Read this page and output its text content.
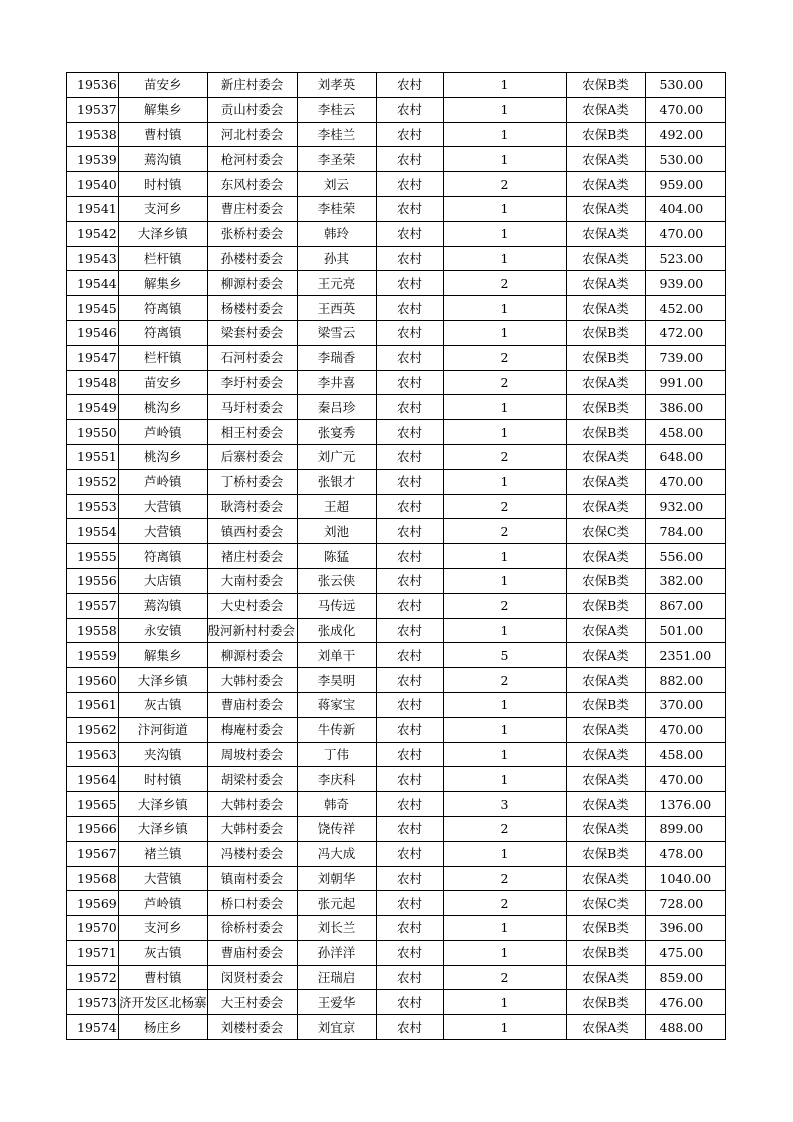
19536	苗安乡	新庄村委会	刘孝英	农村	1	农保B类	530.00
19537	解集乡	贡山村委会	李桂云	农村	1	农保A类	470.00
19538	曹村镇	河北村委会	李桂兰	农村	1	农保B类	492.00
19539	蔫沟镇	枪河村委会	李圣荣	农村	1	农保A类	530.00
19540	时村镇	东风村委会	刘云	农村	2	农保A类	959.00
19541	支河乡	曹庄村委会	李桂荣	农村	1	农保A类	404.00
19542	大泽乡镇	张桥村委会	韩玲	农村	1	农保A类	470.00
19543	栏杆镇	孙楼村委会	孙其	农村	1	农保A类	523.00
19544	解集乡	柳源村委会	王元亮	农村	2	农保A类	939.00
19545	符离镇	杨楼村委会	王西英	农村	1	农保A类	452.00
19546	符离镇	梁套村委会	梁雪云	农村	1	农保B类	472.00
19547	栏杆镇	石河村委会	李瑞香	农村	2	农保B类	739.00
19548	苗安乡	李圩村委会	李井喜	农村	2	农保A类	991.00
19549	桃沟乡	马圩村委会	秦吕珍	农村	1	农保B类	386.00
19550	芦岭镇	相王村委会	张宴秀	农村	1	农保B类	458.00
19551	桃沟乡	后寨村委会	刘广元	农村	2	农保A类	648.00
19552	芦岭镇	丁桥村委会	张银才	农村	1	农保A类	470.00
19553	大营镇	耿湾村委会	王超	农村	2	农保A类	932.00
19554	大营镇	镇西村委会	刘池	农村	2	农保C类	784.00
19555	符离镇	褚庄村委会	陈猛	农村	1	农保A类	556.00
19556	大店镇	大南村委会	张云侠	农村	1	农保B类	382.00
19557	蔫沟镇	大史村委会	马传远	农村	2	农保B类	867.00
19558	永安镇	殷河新村村委会	张成化	农村	1	农保A类	501.00
19559	解集乡	柳源村委会	刘单干	农村	5	农保A类	2351.00
19560	大泽乡镇	大韩村委会	李昊明	农村	2	农保A类	882.00
19561	灰古镇	曹庙村委会	蒋家宝	农村	1	农保B类	370.00
19562	汴河街道	梅庵村委会	牛传新	农村	1	农保A类	470.00
19563	夹沟镇	周坡村委会	丁伟	农村	1	农保A类	458.00
19564	时村镇	胡梁村委会	李庆科	农村	1	农保A类	470.00
19565	大泽乡镇	大韩村委会	韩奇	农村	3	农保A类	1376.00
19566	大泽乡镇	大韩村委会	饶传祥	农村	2	农保A类	899.00
19567	褚兰镇	冯楼村委会	冯大成	农村	1	农保B类	478.00
19568	大营镇	镇南村委会	刘朝华	农村	2	农保A类	1040.00
19569	芦岭镇	桥口村委会	张元起	农村	2	农保C类	728.00
19570	支河乡	徐桥村委会	刘长兰	农村	1	农保B类	396.00
19571	灰古镇	曹庙村委会	孙洋洋	农村	1	农保B类	475.00
19572	曹村镇	闵贤村委会	汪瑞启	农村	2	农保A类	859.00
19573	济开发区北杨寨	大王村委会	王爱华	农村	1	农保B类	476.00
19574	杨庄乡	刘楼村委会	刘宜京	农村	1	农保A类	488.00
